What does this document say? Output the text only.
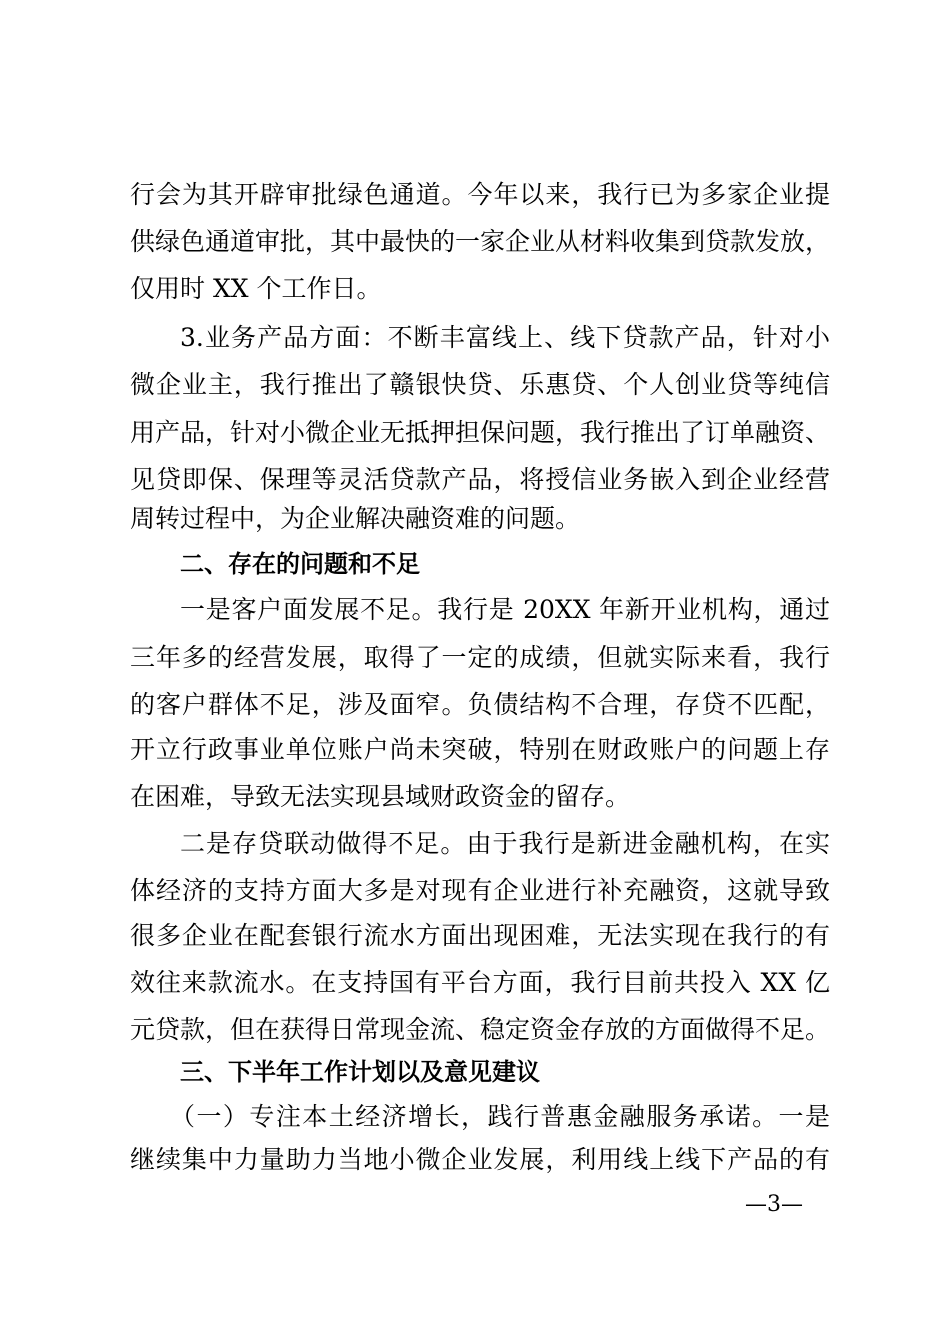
行会为其开辟审批绿色通道。今年以来，我行已为多家企业提
供绿色通道审批，其中最快的一家企业从材料收集到贷款发放，
仅用时 XX 个工作日。
3.业务产品方面：不断丰富线上、线下贷款产品，针对小
微企业主，我行推出了赣银快贷、乐惠贷、个人创业贷等纯信
用产品，针对小微企业无抵押担保问题，我行推出了订单融资、
见贷即保、保理等灵活贷款产品，将授信业务嵌入到企业经营
周转过程中，为企业解决融资难的问题。
二、存在的问题和不足
一是客户面发展不足。我行是 20XX 年新开业机构，通过
三年多的经营发展，取得了一定的成绩，但就实际来看，我行
的客户群体不足，涉及面窄。负债结构不合理，存贷不匹配，
开立行政事业单位账户尚未突破，特别在财政账户的问题上存
在困难，导致无法实现县域财政资金的留存。
二是存贷联动做得不足。由于我行是新进金融机构，在实
体经济的支持方面大多是对现有企业进行补充融资，这就导致
很多企业在配套银行流水方面出现困难，无法实现在我行的有
效往来款流水。在支持国有平台方面，我行目前共投入 XX 亿
元贷款，但在获得日常现金流、稳定资金存放的方面做得不足。
三、下半年工作计划以及意见建议
（一）专注本土经济增长，践行普惠金融服务承诺。一是
继续集中力量助力当地小微企业发展，利用线上线下产品的有
—3—
